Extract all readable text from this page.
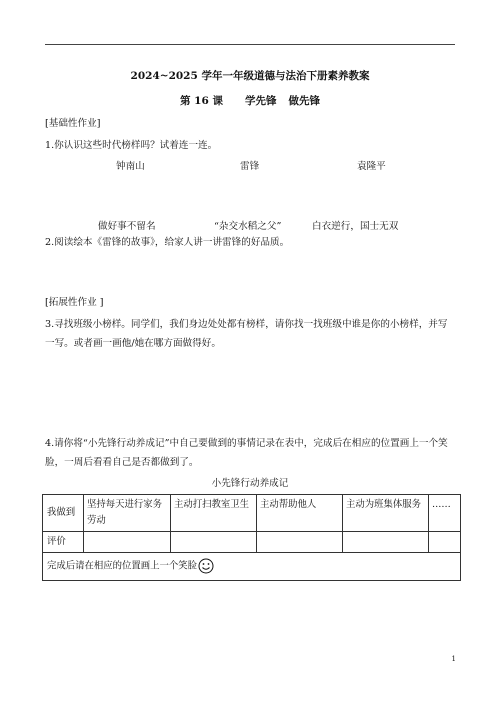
2024~2025 学年一年级道德与法治下册素养教案
第 16 课 学先锋 做先锋
[基础性作业]
1.你认识这些时代榜样吗？试着连一连。
钟南山	雷锋	袁隆平
做好事不留名	“杂交水稻之父”	白衣逆行，国士无双
2.阅读绘本《雷锋的故事》，给家人讲一讲雷锋的好品质。
[拓展性作业 ]
3.寻找班级小榜样。同学们，我们身边处处都有榜样，请你找一找班级中谁是你的小榜样，并写一写。或者画一画他/她在哪方面做得好。
4.请你将“小先锋行动养成记”中自己要做到的事情记录在表中，完成后在相应的位置画上一个笑脸，一周后看看自己是否都做到了。
小先锋行动养成记
我做到	坚持每天进行家务劳动	主动打扫教室卫生	主动帮助他人	主动为班集体服务	……
评价					
完成后请在相应的位置画上一个笑脸					
1
